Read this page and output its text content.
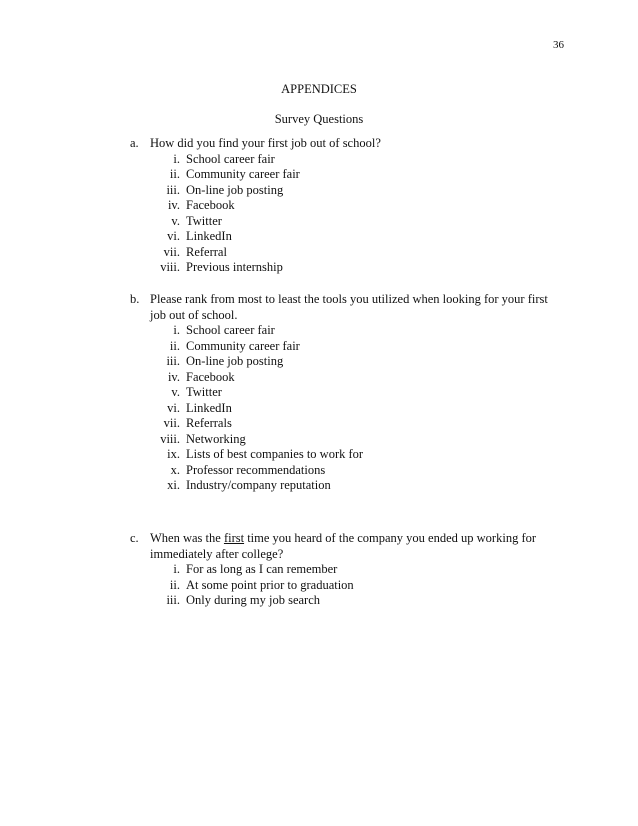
36
APPENDICES
Survey Questions
a. How did you find your first job out of school?
i. School career fair
ii. Community career fair
iii. On-line job posting
iv. Facebook
v. Twitter
vi. LinkedIn
vii. Referral
viii. Previous internship
b. Please rank from most to least the tools you utilized when looking for your first
job out of school.
i. School career fair
ii. Community career fair
iii. On-line job posting
iv. Facebook
v. Twitter
vi. LinkedIn
vii. Referrals
viii. Networking
ix. Lists of best companies to work for
x. Professor recommendations
xi. Industry/company reputation
c. When was the first time you heard of the company you ended up working for
immediately after college?
i. For as long as I can remember
ii. At some point prior to graduation
iii. Only during my job search
